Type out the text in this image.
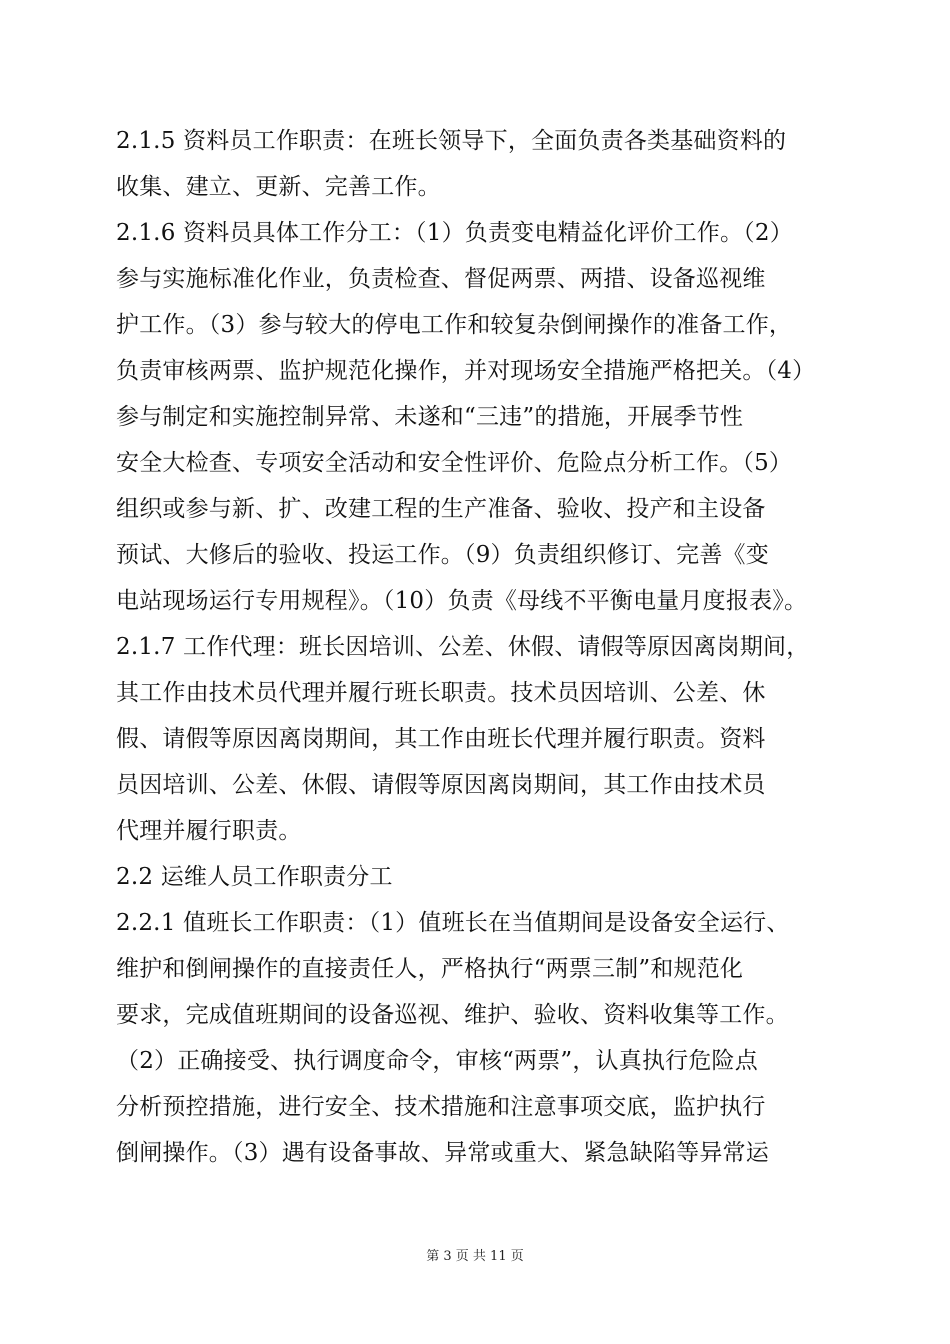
2.1.5 资料员工作职责：在班长领导下，全面负责各类基础资料的
收集、建立、更新、完善工作。
2.1.6 资料员具体工作分工：（1）负责变电精益化评价工作。（2）
参与实施标准化作业，负责检查、督促两票、两措、设备巡视维
护工作。（3）参与较大的停电工作和较复杂倒闸操作的准备工作，
负责审核两票、监护规范化操作，并对现场安全措施严格把关。（4）
参与制定和实施控制异常、未遂和“三违”的措施，开展季节性
安全大检查、专项安全活动和安全性评价、危险点分析工作。（5）
组织或参与新、扩、改建工程的生产准备、验收、投产和主设备
预试、大修后的验收、投运工作。（9）负责组织修订、完善《变
电站现场运行专用规程》。（10）负责《母线不平衡电量月度报表》。
2.1.7 工作代理：班长因培训、公差、休假、请假等原因离岗期间，
其工作由技术员代理并履行班长职责。技术员因培训、公差、休
假、请假等原因离岗期间，其工作由班长代理并履行职责。资料
员因培训、公差、休假、请假等原因离岗期间，其工作由技术员
代理并履行职责。
2.2 运维人员工作职责分工
2.2.1 值班长工作职责：（1）值班长在当值期间是设备安全运行、
维护和倒闸操作的直接责任人，严格执行“两票三制”和规范化
要求，完成值班期间的设备巡视、维护、验收、资料收集等工作。
（2）正确接受、执行调度命令，审核“两票”，认真执行危险点
分析预控措施，进行安全、技术措施和注意事项交底，监护执行
倒闸操作。（3）遇有设备事故、异常或重大、紧急缺陷等异常运
第 3 页 共 11 页
